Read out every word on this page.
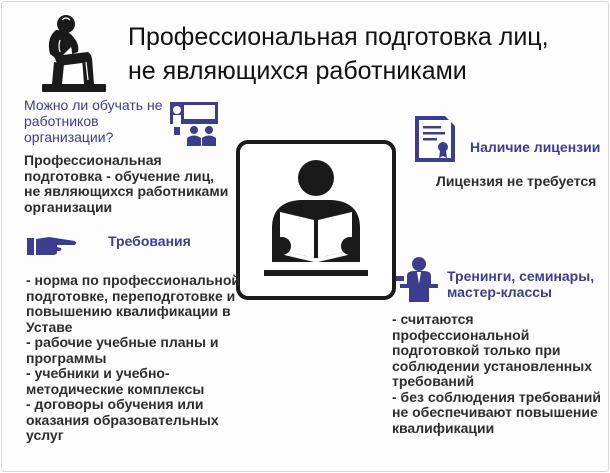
Профессиональная подготовка лиц,
не являющихся работниками
Можно ли обучать не работников организации?
Профессиональная подготовка - обучение лиц, не являющихся работниками организации
Наличие лицензии
Лицензия не требуется
Требования
- норма по профессиональной подготовке, переподготовке и повышению квалификации в Уставе
- рабочие учебные планы и программы
- учебники и учебно-методические комплексы
- договоры обучения или оказания образовательных услуг
Тренинги, семинары, мастер-классы
- считаются профессиональной подготовкой только при соблюдении установленных требований
- без соблюдения требований не обеспечивают повышение квалификации
